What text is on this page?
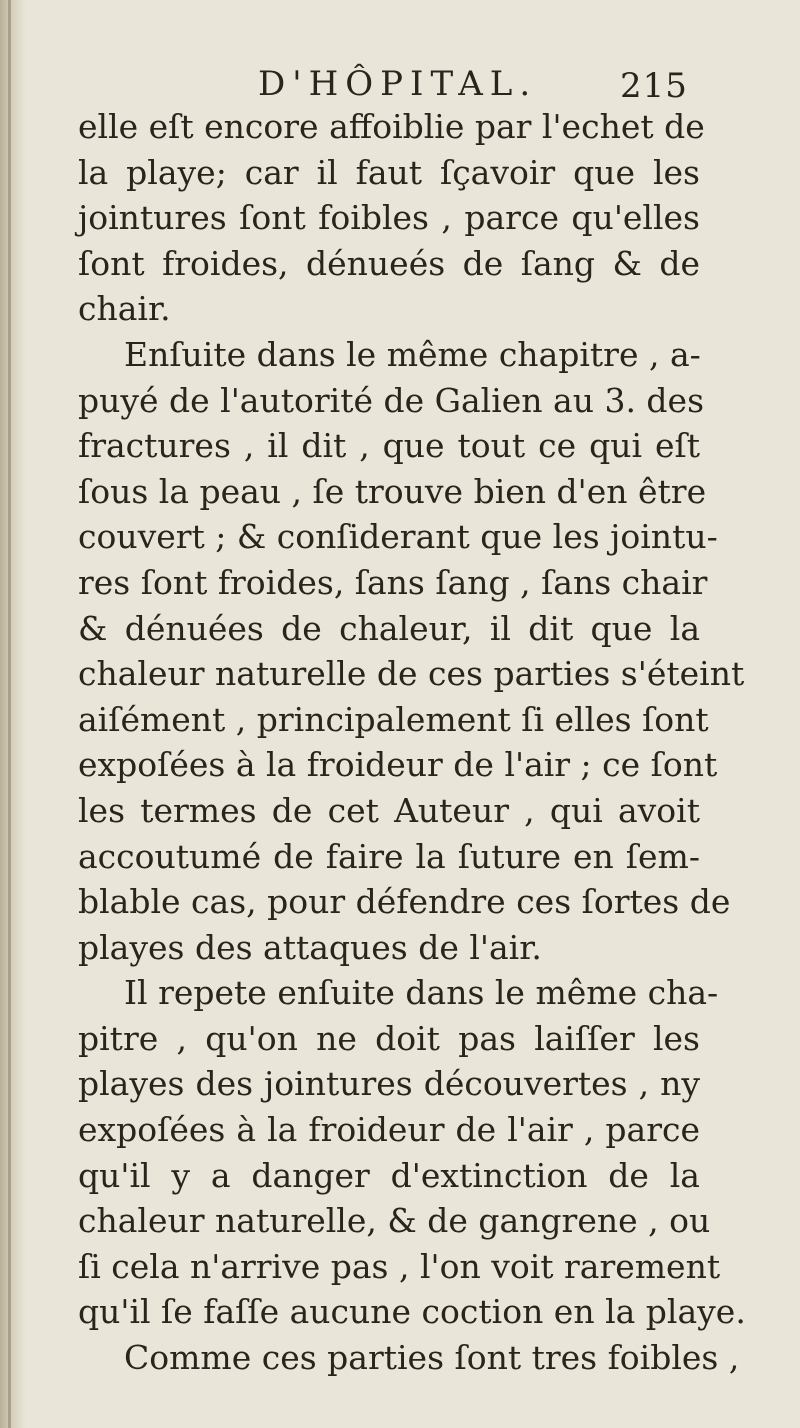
D'HÔPITAL. 215
elle eſt encore affoiblie par l'echet de
la playe; car il faut ſçavoir que les
jointures ſont foibles , parce qu'elles
ſont froides, dénueés de ſang & de
chair.
Enſuite dans le même chapitre , a-
puyé de l'autorité de Galien au 3. des
fractures , il dit , que tout ce qui eſt
ſous la peau , ſe trouve bien d'en être
couvert ; & conſiderant que les jointu-
res ſont froides, ſans ſang , ſans chair
& dénuées de chaleur, il dit que la
chaleur naturelle de ces parties s'éteint
aiſément , principalement ſi elles ſont
expoſées à la froideur de l'air ; ce ſont
les termes de cet Auteur , qui avoit
accoutumé de faire la ſuture en ſem-
blable cas, pour défendre ces ſortes de
playes des attaques de l'air.
Il repete enſuite dans le même cha-
pitre , qu'on ne doit pas laiſſer les
playes des jointures découvertes , ny
expoſées à la froideur de l'air , parce
qu'il y a danger d'extinction de la
chaleur naturelle, & de gangrene , ou
ſi cela n'arrive pas , l'on voit rarement
qu'il ſe faſſe aucune coction en la playe.
Comme ces parties ſont tres foibles ,
